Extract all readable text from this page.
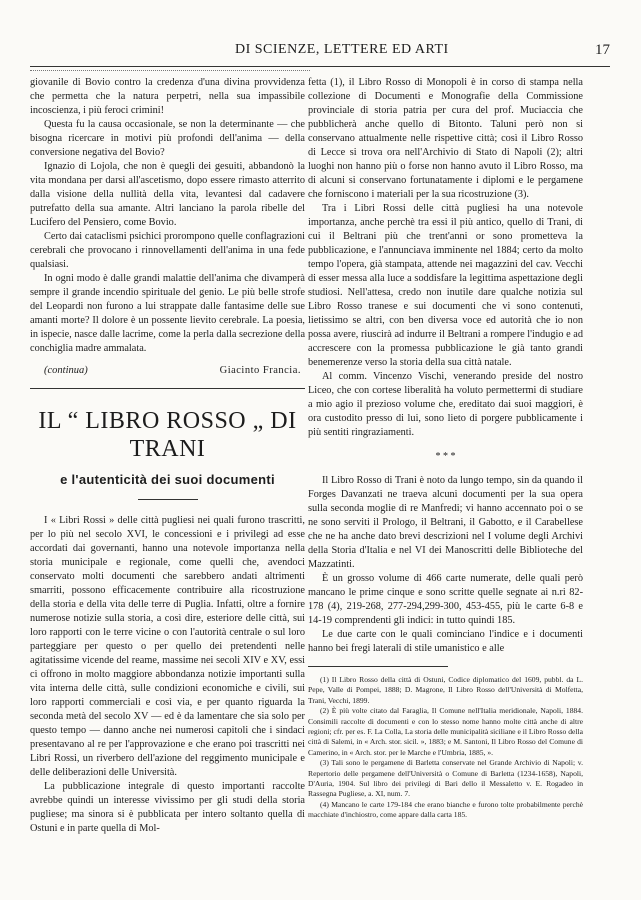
DI SCIENZE, LETTERE ED ARTI	17

giovanile di Bovio contro la credenza d'una divina provvidenza che permetta che la natura perpetri, nella sua impassibile incoscienza, i più feroci crimini!

Questa fu la causa occasionale, se non la determinante — che bisogna ricercare in motivi più profondi dell'anima — della conversione negativa del Bovio?

Ignazio di Lojola, che non è quegli dei gesuiti, abbandonò la vita mondana per darsi all'ascetismo, dopo essere rimasto atterrito dalla visione della nullità della vita, levantesi dal cadavere putrefatto della sua amante. Altri lanciano la parola ribelle del Lucifero del Pensiero, come Bovio.

Certo dai cataclismi psichici prorompono quelle conflagrazioni cerebrali che provocano i rinnovellamenti dell'anima in una fede qualsiasi.

In ogni modo è dalle grandi malattie dell'anima che divamperà sempre il grande incendio spirituale del genio. Le più belle strofe del Leopardi non furono a lui strappate dalle fantasime delle sue amanti morte? Il dolore è un possente lievito cerebrale. La poesia, in ispecie, nasce dalle lacrime, come la perla dalla secrezione della conchiglia madre ammalata.

(continua)	Giacinto Francia.
IL “ LIBRO ROSSO „ DI TRANI
e l'autenticità dei suoi documenti

I « Libri Rossi » delle città pugliesi nei quali furono trascritti, per lo più nel secolo XVI, le concessioni e i privilegi ad esse accordati dai governanti, hanno una notevole importanza nella storia municipale e regionale, come quelli che, avendoci conservato molti documenti che sarebbero andati altrimenti smarriti, possono efficacemente contribuire alla ricostruzione della storia e della vita delle terre di Puglia. Infatti, oltre a fornire numerose notizie sulla storia, a così dire, esteriore delle città, sui loro rapporti con le terre vicine o con l'autorità centrale o sul loro parteggiare per questo o per quello dei pretendenti nelle agitatissime vicende del reame, massime nei secoli XIV e XV, essi ci offrono in molto maggiore abbondanza notizie importanti sulla vita interna delle città, sulle condizioni economiche e civili, sui loro rapporti commerciali e così via, e per quanto riguarda la seconda metà del secolo XV — ed è da lamentare che sia solo per questo tempo — danno anche nei numerosi capitoli che i sindaci presentavano al re per l'approvazione e che erano poi trascritti nei Libri Rossi, un riverbero dell'azione del reggimento municipale e delle deliberazioni delle Università.

La pubblicazione integrale di questo importanti raccolte avrebbe quindi un interesse vivissimo per gli studi della storia pugliese; ma sinora si è pubblicata per intero soltanto quella di Ostuni e in parte quella di Mol-

fetta (1), il Libro Rosso di Monopoli è in corso di stampa nella collezione di Documenti e Monografie della Commissione provinciale di storia patria per cura del prof. Muciaccia che pubblicherà anche quello di Bitonto. Taluni però non si conservano attualmente nelle rispettive città; così il Libro Rosso di Lecce si trova ora nell'Archivio di Stato di Napoli (2); altri luoghi non hanno più o forse non hanno avuto il Libro Rosso, ma di alcuni si conservano fortunatamente i diplomi e le pergamene che forniscono i materiali per la sua ricostruzione (3).

Tra i Libri Rossi delle città pugliesi ha una notevole importanza, anche perchè tra essi il più antico, quello di Trani, di cui il Beltrani più che trent'anni or sono prometteva la pubblicazione, e l'annunciava imminente nel 1884; certo da molto tempo l'opera, già stampata, attende nei magazzini del cav. Vecchi di esser messa alla luce a soddisfare la legittima aspettazione degli studiosi. Nell'attesa, credo non inutile dare qualche notizia sul Libro Rosso tranese e sui documenti che vi sono contenuti, lietissimo se altri, con ben diversa voce ed autorità che io non possa avere, riuscirà ad indurre il Beltrani a rompere l'indugio e ad accrescere con la promessa pubblicazione le già tanto grandi benemerenze verso la storia della sua città natale.

Al comm. Vincenzo Vischi, venerando preside del nostro Liceo, che con cortese liberalità ha voluto permettermi di studiare a mio agio il prezioso volume che, ereditato dai suoi maggiori, è ora custodito presso di lui, sono lieto di porgere pubblicamente i più sentiti ringraziamenti.

* * *

Il Libro Rosso di Trani è noto da lungo tempo, sin da quando il Forges Davanzati ne traeva alcuni documenti per la sua opera sulla seconda moglie di re Manfredi; vi hanno accennato poi o se ne sono serviti il Prologo, il Beltrani, il Gabotto, e il Carabellese che ne ha anche dato brevi descrizioni nel I volume degli Archivi della Storia d'Italia e nel VI dei Manoscritti delle Biblioteche del Mazzatinti.

È un grosso volume di 466 carte numerate, delle quali però mancano le prime cinque e sono scritte quelle segnate ai n.ri 82-178 (4), 219-268, 277-294,299-300, 453-455, più le carte 6-8 e 14-19 comprendenti gli indici: in tutto quindi 185.

Le due carte con le quali cominciano l'indice e i documenti hanno bei fregi laterali di stile umanistico e alle

(1) Il Libro Rosso della città di Ostuni, Codice diplomatico del 1609, pubbl. da L. Pepe, Valle di Pompei, 1888; D. Magrone, Il Libro Rosso dell'Università di Molfetta, Trani, Vecchi, 1899.

(2) È più volte citato dal Faraglia, Il Comune nell'Italia meridionale, Napoli, 1884. Consimili raccolte di documenti e con lo stesso nome hanno molte città anche di altre regioni; cfr. per es. F. La Colla, La storia delle municipalità siciliane e il Libro Rosso della città di Salemi, in « Arch. stor. sicil. », 1883; e M. Santoni, Il Libro Rosso del Comune di Camerino, in « Arch. stor. per le Marche e l'Umbria, 1885, ».

(3) Tali sono le pergamene di Barletta conservate nel Grande Archivio di Napoli; v. Repertorio delle pergamene dell'Università o Comune di Barletta (1234-1658), Napoli, D'Auria, 1904. Sul libro dei privilegi di Bari dello il Messaletto v. E. Rogadeo in Rassegna Pugliese, a. XI, num. 7.

(4) Mancano le carte 179-184 che erano bianche e furono tolte probabilmente perchè macchiate d'inchiostro, come appare dalla carta 185.
